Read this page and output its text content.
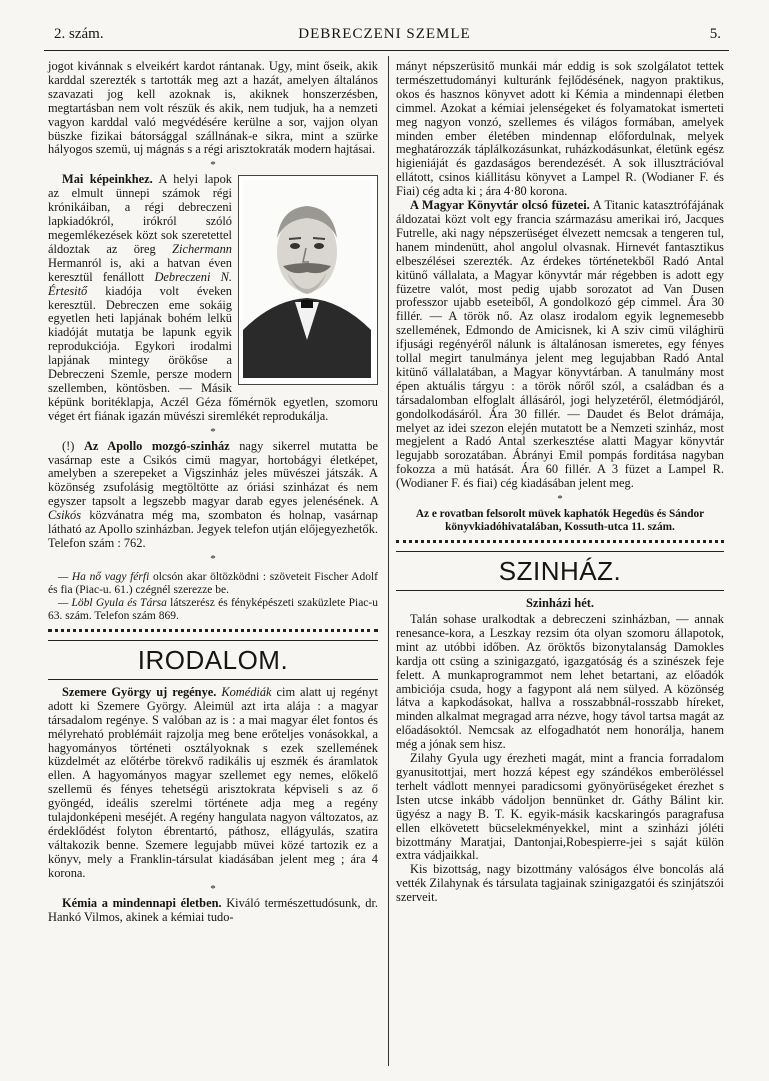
2. szám.	DEBRECZENI SZEMLE	5.

jogot kivánnak s elveikért kardot rántanak. Ugy, mint őseik, akik karddal szerezték s tartották meg azt a hazát, amelyen általános szavazati jog kell azoknak is, akiknek honszerzésben, megtartásban nem volt részük és akik, nem tudjuk, ha a nemzeti vagyon karddal való megvédésére kerülne a sor, vajjon olyan büszke fizikai bátorsággal szállnának-e sikra, mint a szürke hályogos szemü, uj mágnás s a régi arisztokraták modern hajtásai.

*

Mai képeinkhez. A helyi lapok az elmult ünnepi számok régi krónikáiban, a régi debreczeni lapkiadókról, irókról szóló megemlékezések közt sok szeretettel áldoztak az öreg Zichermann Hermanról is, aki a hatvan éven keresztül fenállott Debreczeni N. Értesitő kiadója volt éveken keresztül. Debreczen eme sokáig egyetlen heti lapjának bohém lelkü kiadóját mutatja be lapunk egyik reprodukciója. Egykori irodalmi lapjának mintegy örökőse a Debreczeni Szemle, persze modern szellemben, köntösben. — Másik képünk boritéklapja, Aczél Géza főmérnök egyetlen, szomoru véget ért fiának igazán müvészi siremlékét reprodukálja.

*

(!) Az Apollo mozgó-szinház nagy sikerrel mutatta be vasárnap este a Csikós cimü magyar, hortobágyi életképet, amelyben a szerepeket a Vigszinház jeles müvészei játszák. A közönség zsufolásig megtöltötte az óriási szinházat és nem egyszer tapsolt a legszebb magyar darab egyes jelenésének. A Csikós közvánatra még ma, szombaton és holnap, vasárnap látható az Apollo szinházban. Jegyek telefon utján előjegyezhetők. Telefon szám : 762.

*

— Ha nő vagy férfi olcsón akar öltözködni : szöveteit Fischer Adolf és fia (Piac-u. 61.) czégnél szerezze be.

— Löbl Gyula és Társa látszerész és fényképészeti szaküzlete Piac-u 63. szám. Telefon szám 869.

IRODALOM.

Szemere György uj regénye. Komédiák cim alatt uj regényt adott ki Szemere György. Aleimül azt irta alája : a magyar társadalom regénye. S valóban az is : a mai magyar élet fontos és mélyreható problémáit rajzolja meg bene erőteljes vonásokkal, a hagyományos történeti osztályoknak s ezek szellemének küzdelmét az előtérbe törekvő radikális uj eszmék és áramlatok ellen. A hagyományos magyar szellemet egy nemes, előkelő szellemü és fényes tehetségü arisztokrata képviseli s az ő gyöngéd, ideális szerelmi története adja meg a regény tulajdonképeni meséjét. A regény hangulata nagyon változatos, az érdeklődést folyton ébrentartó, páthosz, ellágyulás, szatira váltakozik benne. Szemere legujabb müvei közé tartozik ez a könyv, mely a Franklin-társulat kiadásában jelent meg ; ára 4 korona.

*

Kémia a mindennapi életben. Kiváló természettudósunk, dr. Hankó Vilmos, akinek a kémiai tudo-

mányt népszerüsitő munkái már eddig is sok szolgálatot tettek természettudományi kulturánk fejlődésének, nagyon praktikus, okos és hasznos könyvet adott ki Kémia a mindennapi életben cimmel. Azokat a kémiai jelenségeket és folyamatokat ismerteti meg nagyon vonzó, szellemes és világos formában, amelyek minden ember életében mindennap előfordulnak, melyek meghatározzák táplálkozásunkat, ruházkodásunkat, életünk egész higieniáját és gazdaságos berendezését. A sok illusztrációval ellátott, csinos kiállitásu könyvet a Lampel R. (Wodianer F. és Fiai) cég adta ki ; ára 4·80 korona.

A Magyar Könyvtár olcsó füzetei. A Titanic katasztrófájának áldozatai közt volt egy francia származásu amerikai iró, Jacques Futrelle, aki nagy népszerüséget élvezett nemcsak a tengeren tul, hanem mindenütt, ahol angolul olvasnak. Hirnevét fantasztikus elbeszélései szerezték. Az érdekes történetekből Radó Antal kitünő vállalata, a Magyar könyvtár már régebben is adott egy füzetre valót, most pedig ujabb sorozatot ad Van Dusen professzor ujabb eseteiből, A gondolkozó gép cimmel. Ára 30 fillér. — A török nő. Az olasz irodalom egyik legnemesebb szellemének, Edmondo de Amicisnek, ki A sziv cimü világhirü ifjusági regényéről nálunk is általánosan ismeretes, egy fényes tollal megirt tanulmánya jelent meg legujabban Radó Antal kitünő vállalatában, a Magyar könyvtárban. A tanulmány most épen aktuális tárgyu : a török nőről szól, a családban és a társadalomban elfoglalt állásáról, jogi helyzetéről, életmódjáról, gondolkodásáról. Ára 30 fillér. — Daudet és Belot drámája, melyet az idei szezon elején mutatott be a Nemzeti szinház, most megjelent a Radó Antal szerkesztése alatti Magyar könyvtár legujabb sorozatában. Ábrányi Emil pompás forditása nagyban fokozza a mü hatását. Ára 60 fillér. A 3 füzet a Lampel R. (Wodianer F. és fiai) cég kiadásában jelent meg.

*
Az e rovatban felsorolt müvek kaphatók Hegedüs és Sándor könyvkiadóhivatalában, Kossuth-utca 11. szám.
SZINHÁZ.
Szinházi hét.

Talán sohase uralkodtak a debreczeni szinházban, — annak renesance-kora, a Leszkay rezsim óta olyan szomoru állapotok, mint az utóbbi időben. Az öröktős bizonytalanság Damokles kardja ott csüng a szinigazgató, igazgatóság és a szinészek feje felett. A munkaprogrammot nem lehet betartani, az előadók ambiciója csuda, hogy a fagypont alá nem sülyed. A közönség látva a kapkodásokat, hallva a rosszabbnál-rosszabb híreket, minden alkalmat megragad arra nézve, hogy távol tartsa magát az előadásoktól. Nemcsak az elfogadhatót nem honorálja, hanem még a jónak sem hisz.

Zilahy Gyula ugy érezheti magát, mint a francia forradalom gyanusitottjai, mert hozzá képest egy szándékos emberöléssel terhelt vádlott mennyei paradicsomi gyönyörüségeket érezhet s Isten utcse inkább vádoljon bennünket dr. Gáthy Bálint kir. ügyész a nagy B. T. K. egyik-másik kacskaringós paragrafusa ellen elkövetett bücselekményekkel, mint a szinházi jóléti bizottmány Maratjai, Dantonjai,Robespierre-jei s saját külön extra vádjaikkal.

Kis bizottság, nagy bizottmány valóságos élve boncolás alá vették Zilahynak és társulata tagjainak szinigazgatói és szinjátszói szerveit.
